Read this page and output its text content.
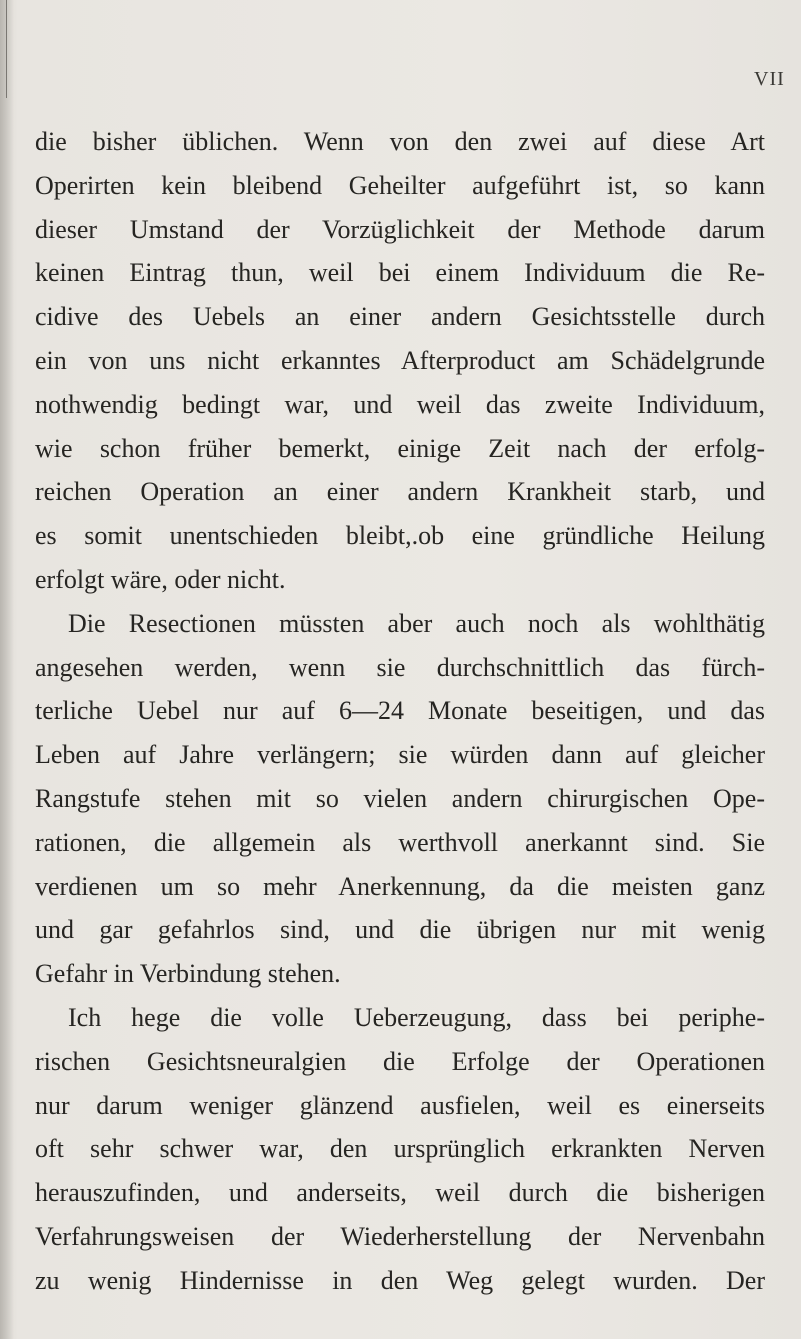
VII
die bisher üblichen. Wenn von den zwei auf diese Art
Operirten kein bleibend Geheilter aufgeführt ist, so kann
dieser Umstand der Vorzüglichkeit der Methode darum
keinen Eintrag thun, weil bei einem Individuum die Re-
cidive des Uebels an einer andern Gesichtsstelle durch
ein von uns nicht erkanntes Afterproduct am Schädelgrunde
nothwendig bedingt war, und weil das zweite Individuum,
wie schon früher bemerkt, einige Zeit nach der erfolg-
reichen Operation an einer andern Krankheit starb, und
es somit unentschieden bleibt,.ob eine gründliche Heilung
erfolgt wäre, oder nicht.
Die Resectionen müssten aber auch noch als wohlthätig
angesehen werden, wenn sie durchschnittlich das fürch-
terliche Uebel nur auf 6—24 Monate beseitigen, und das
Leben auf Jahre verlängern; sie würden dann auf gleicher
Rangstufe stehen mit so vielen andern chirurgischen Ope-
rationen, die allgemein als werthvoll anerkannt sind. Sie
verdienen um so mehr Anerkennung, da die meisten ganz
und gar gefahrlos sind, und die übrigen nur mit wenig
Gefahr in Verbindung stehen.
Ich hege die volle Ueberzeugung, dass bei periphe-
rischen Gesichtsneuralgien die Erfolge der Operationen
nur darum weniger glänzend ausfielen, weil es einerseits
oft sehr schwer war, den ursprünglich erkrankten Nerven
herauszufinden, und anderseits, weil durch die bisherigen
Verfahrungsweisen der Wiederherstellung der Nervenbahn
zu wenig Hindernisse in den Weg gelegt wurden. Der
